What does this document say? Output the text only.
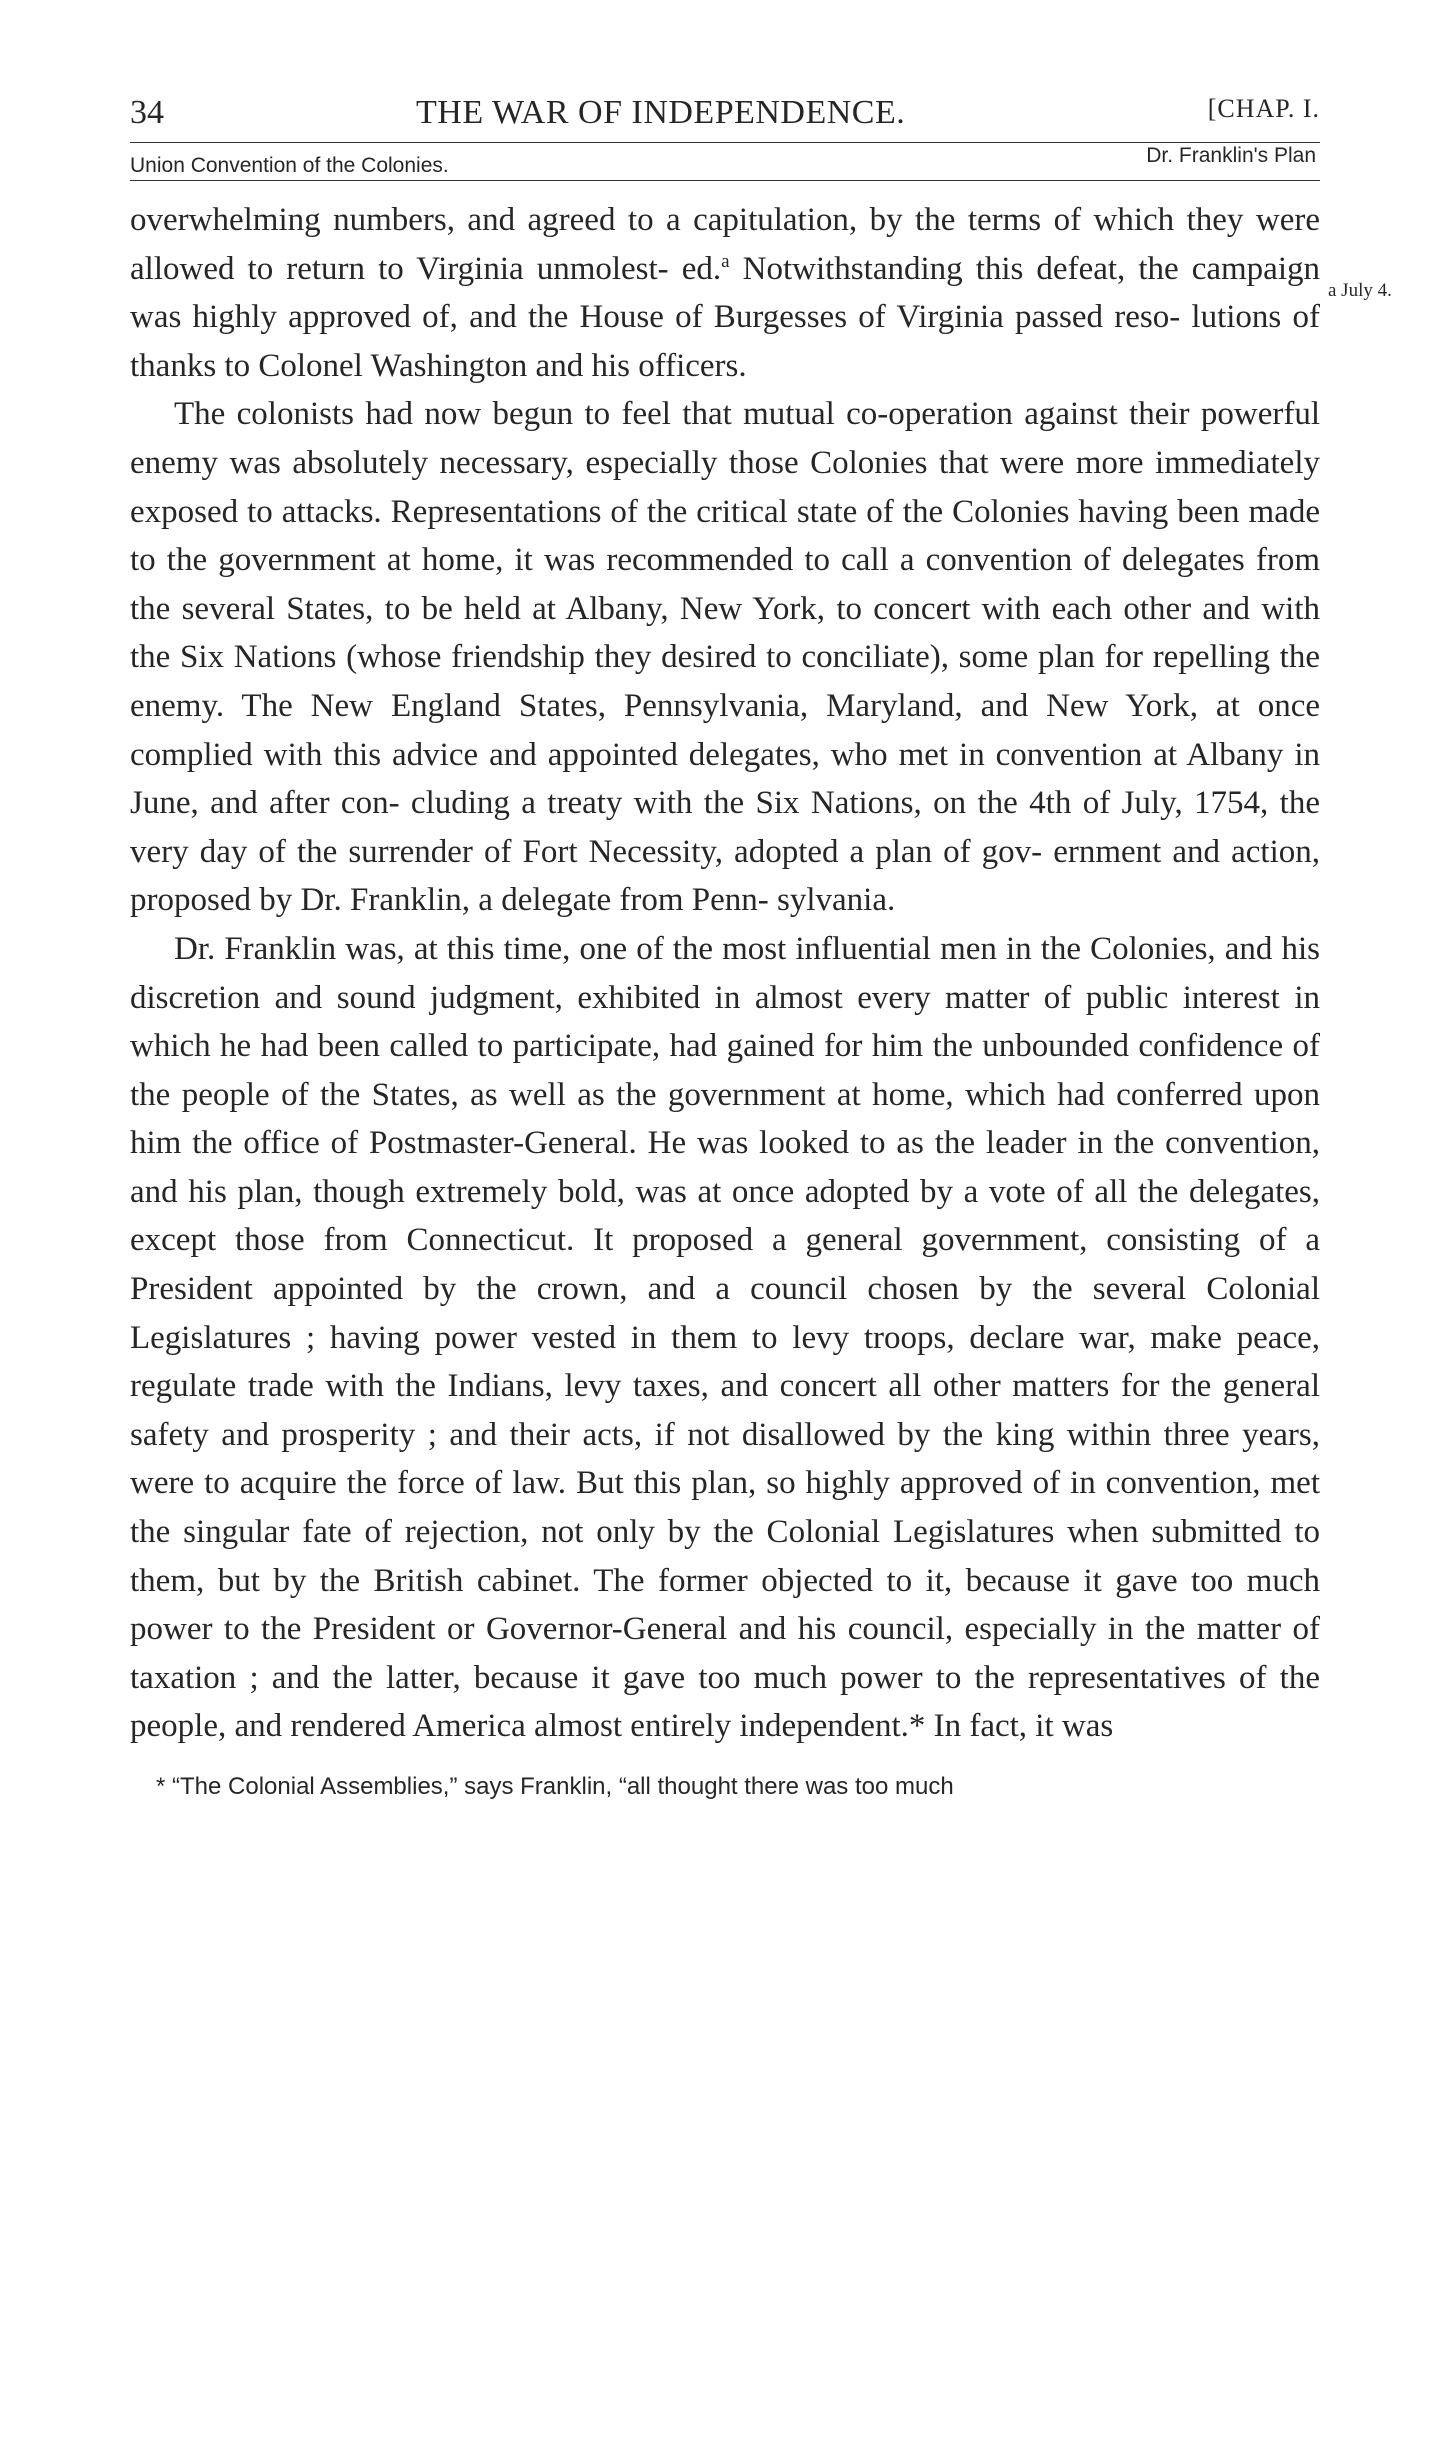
34	THE WAR OF INDEPENDENCE.	[CHAP. I.
Union Convention of the Colonies.	Dr. Franklin's Plan

overwhelming numbers, and agreed to a capitulation, by the terms of which they were allowed to return to Virginia unmolest- ed.$^a$ Notwithstanding this defeat, the campaign was highly approved of, and the House of Burgesses of Virginia passed reso- lutions of thanks to Colonel Washington and his officers.

The colonists had now begun to feel that mutual co-operation against their powerful enemy was absolutely necessary, especially those Colonies that were more immediately exposed to attacks. Representations of the critical state of the Colonies having been made to the government at home, it was recommended to call a convention of delegates from the several States, to be held at Albany, New York, to concert with each other and with the Six Nations (whose friendship they desired to conciliate), some plan for repelling the enemy. The New England States, Pennsylvania, Maryland, and New York, at once complied with this advice and appointed delegates, who met in convention at Albany in June, and after con- cluding a treaty with the Six Nations, on the 4th of July, 1754, the very day of the surrender of Fort Necessity, adopted a plan of gov- ernment and action, proposed by Dr. Franklin, a delegate from Penn- sylvania.

Dr. Franklin was, at this time, one of the most influential men in the Colonies, and his discretion and sound judgment, exhibited in almost every matter of public interest in which he had been called to participate, had gained for him the unbounded confidence of the people of the States, as well as the government at home, which had conferred upon him the office of Postmaster-General. He was looked to as the leader in the convention, and his plan, though extremely bold, was at once adopted by a vote of all the delegates, except those from Connecticut. It proposed a general government, consisting of a President appointed by the crown, and a council chosen by the several Colonial Legislatures ; having power vested in them to levy troops, declare war, make peace, regulate trade with the Indians, levy taxes, and concert all other matters for the general safety and prosperity ; and their acts, if not disallowed by the king within three years, were to acquire the force of law. But this plan, so highly approved of in convention, met the singular fate of rejection, not only by the Colonial Legislatures when submitted to them, but by the British cabinet. The former objected to it, because it gave too much power to the President or Governor-General and his council, especially in the matter of taxation ; and the latter, because it gave too much power to the representatives of the people, and rendered America almost entirely independent.* In fact, it was

a July 4.
* “The Colonial Assemblies,” says Franklin, “all thought there was too much
